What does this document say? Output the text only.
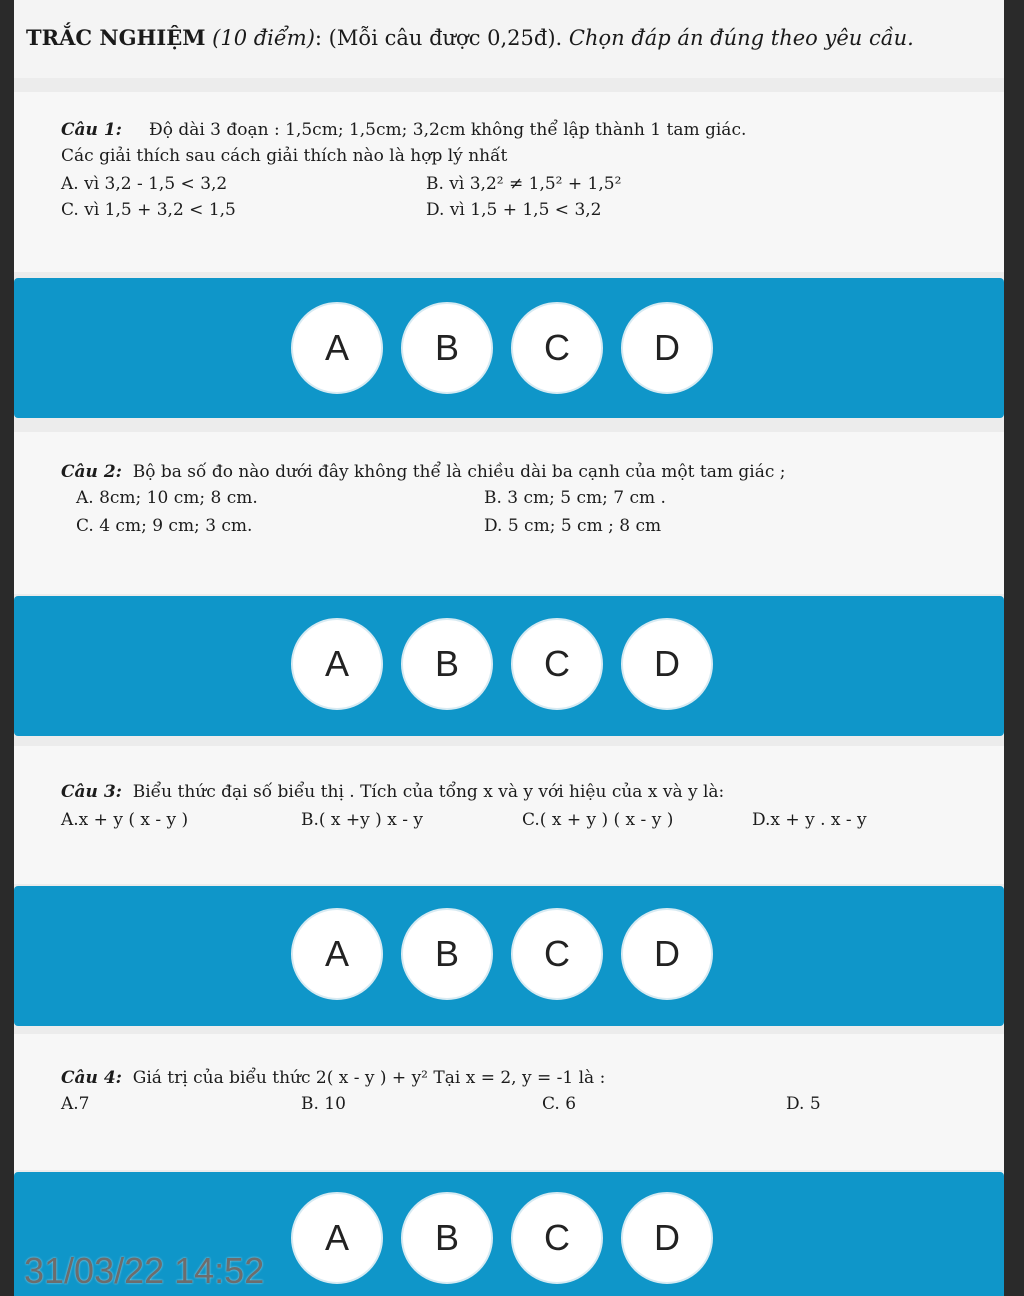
TRẮC NGHIỆM (10 điểm): (Mỗi câu được 0,25đ). Chọn đáp án đúng theo yêu cầu.
Câu 1: Độ dài 3 đoạn : 1,5cm; 1,5cm; 3,2cm không thể lập thành 1 tam giác.
Các giải thích sau cách giải thích nào là hợp lý nhất
A. vì 3,2 - 1,5 < 3,2	B. vì 3,2² ≠ 1,5² + 1,5²
C. vì 1,5 + 3,2 < 1,5	D. vì 1,5 + 1,5 < 3,2
A	B	C	D
Câu 2: Bộ ba số đo nào dưới đây không thể là chiều dài ba cạnh của một tam giác ;
A. 8cm; 10 cm; 8 cm.	B. 3 cm; 5 cm; 7 cm .
C. 4 cm; 9 cm; 3 cm.	D. 5 cm; 5 cm ; 8 cm
A	B	C	D
Câu 3: Biểu thức đại số biểu thị . Tích của tổng x và y với hiệu của x và y là:
A.x + y ( x - y )	B.( x +y ) x - y	C.( x + y ) ( x - y )	D.x + y . x - y
A	B	C	D
Câu 4: Giá trị của biểu thức 2( x - y ) + y² Tại x = 2, y = -1 là :
A.7	B. 10	C. 6	D. 5
A	B	C	D
31/03/22 14:52
